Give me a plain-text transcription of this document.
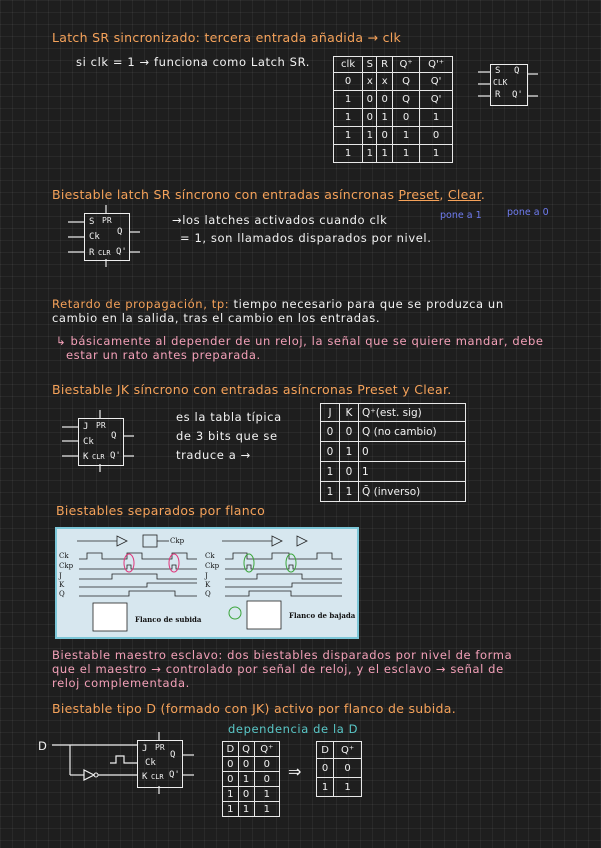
Latch SR sincronizado: tercera entrada añadida → clk
si clk = 1 → funciona como Latch SR.	clk	S	R	Q⁺	Q'⁺
0	x	x	Q	Q'
1	0	0	Q	Q'
1	0	1	0	1
1	1	0	1	0
1	1	1	1	1
S Q
CLK
R Q'
Biestable latch SR síncrono con entradas asíncronas Preset, Clear.
pone a 1	pone a 0
→los latches activados cuando clk
= 1, son llamados disparados por nivel.
S PR
Q
Ck
R CLR Q'
Retardo de propagación, tp: tiempo necesario para que se produzca un
cambio en la salida, tras el cambio en los entradas.
↳ básicamente al depender de un reloj, la señal que se quiere mandar, debe
estar un rato antes preparada.
Biestable JK síncrono con entradas asíncronas Preset y Clear.
es la tabla típica
de 3 bits que se
traduce a →
J PR
Q
Ck
K CLR Q'
J	K	Q⁺(est. sig)
0	0	Q (no cambio)
0	1	0
1	0	1
1	1	Q̄ (inverso)
Biestables separados por flanco
Ck
Ckp
J
K
Q
Ck
Ckp
J
K
Q
Ckp
Flanco de subida	Flanco de bajada
Biestable maestro esclavo: dos biestables disparados por nivel de forma
que el maestro → controlado por señal de reloj, y el esclavo → señal de
reloj complementada.
Biestable tipo D (formado con JK) activo por flanco de subida.
dependencia de la D
D	J PR
Q
Ck
K CLR Q'
D	Q	Q⁺
0	0	0
0	1	0
1	0	1
1	1	1
⇒
D	Q⁺
0	0
1	1
